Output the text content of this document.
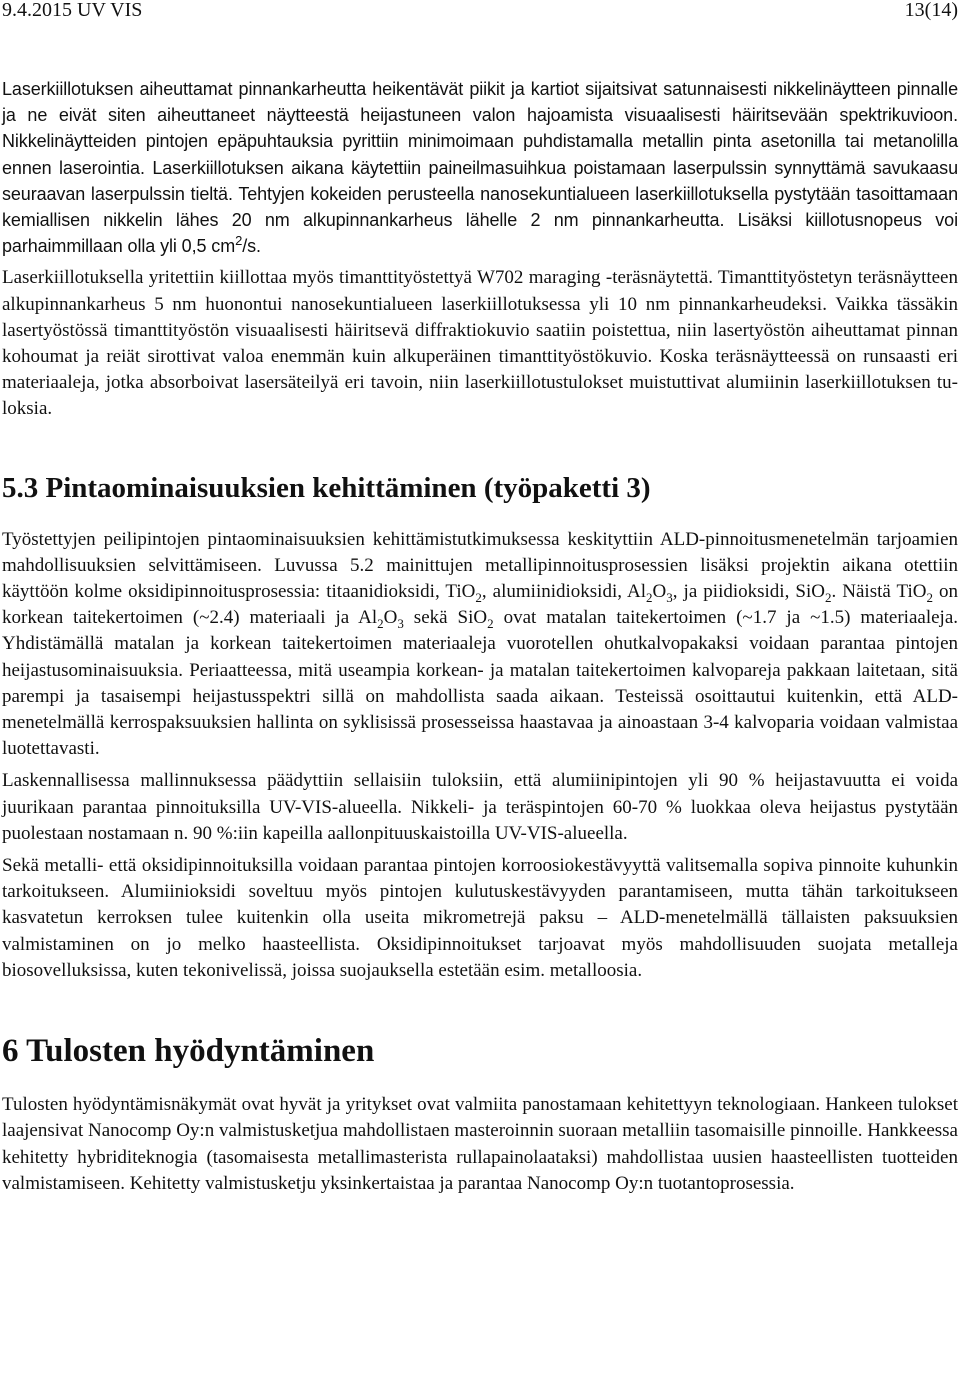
9.4.2015 UV VIS	13(14)

Laserkiillotuksen aiheuttamat pinnankarheutta heikentävät piikit ja kartiot sijaitsivat satunnaisesti nikkelinäytteen pinnalle ja ne eivät siten aiheuttaneet näytteestä heijastuneen valon hajoamista visuaalisesti häiritsevään spektrikuvioon. Nikkelinäytteiden pintojen epäpuhtauksia pyrittiin minimoimaan puhdistamalla metallin pinta asetonilla tai metanolilla ennen laserointia. Laserkiillotuksen aikana käytettiin paineilmasuihkua poistamaan laserpulssin synnyttämä savukaasu seuraavan laserpulssin tieltä. Tehtyjen kokeiden perusteella nanosekuntialueen laserkiillotuksella pystytään tasoittamaan kemiallisen nikkelin lähes 20 nm alkupinnankarheus lähelle 2 nm pinnankarheutta. Lisäksi kiillotusnopeus voi parhaimmillaan olla yli 0,5 $cm^2/s$.

Laserkiillotuksella yritettiin kiillottaa myös timanttityöstettyä W702 maraging -teräsnäytettä. Timanttityöstetyn teräsnäytteen alkupinnankarheus 5 nm huonontui nanosekuntialueen laserkiillotuksessa yli 10 nm pinnankarheudeksi. Vaikka tässäkin lasertyöstössä timanttityöstön visuaalisesti häiritsevä diffraktiokuvio saatiin poistettua, niin lasertyöstön aiheuttamat pinnan kohoumat ja reiät sirottivat valoa enemmän kuin alkuperäinen timanttityöstökuvio. Koska teräsnäytteessä on runsaasti eri materiaaleja, jotka absorboivat lasersäteilyä eri tavoin, niin laserkiillotustulokset muistuttivat alumiinin laserkiillotuksen tuloksia.

5.3 Pintaominaisuuksien kehittäminen (työpaketti 3)

Työstettyjen peilipintojen pintaominaisuuksien kehittämistutkimuksessa keskityttiin ALD-pinnoitusmenetelmän tarjoamien mahdollisuuksien selvittämiseen. Luvussa 5.2 mainittujen metallipinnoitusprosessien lisäksi projektin aikana otettiin käyttöön kolme oksidipinnoitusprosessia: titaanidioksidi, TiO$_2$, alumiinidioksidi, $Al_2O_3$, ja piidioksidi, SiO$_2$. Näistä TiO$_2$ on korkean taitekertoimen (~2.4) materiaali ja $Al_2O_3$ sekä SiO$_2$ ovat matalan taitekertoimen (~1.7 ja ~1.5) materiaaleja. Yhdistämällä matalan ja korkean taitekertoimen materiaaleja vuorotellen ohutkalvopakaksi voidaan parantaa pintojen heijastusominaisuuksia. Periaatteessa, mitä useampia korkean- ja matalan taitekertoimen kalvopareja pakkaan laitetaan, sitä parempi ja tasaisempi heijastusspektri sillä on mahdollista saada aikaan. Testeissä osoittautui kuitenkin, että ALD-menetelmällä kerrospaksuuksien hallinta on syklisissä prosesseissa haastavaa ja ainoastaan 3-4 kalvoparia voidaan valmistaa luotettavasti.

Laskennallisessa mallinnuksessa päädyttiin sellaisiin tuloksiin, että alumiinipintojen yli 90 % heijastavuutta ei voida juurikaan parantaa pinnoituksilla UV-VIS-alueella. Nikkeli- ja teräspintojen 60-70 % luokkaa oleva heijastus pystytään puolestaan nostamaan n. 90 %:iin kapeilla aallonpituuskaistoilla UV-VIS-alueella.

Sekä metalli- että oksidipinnoituksilla voidaan parantaa pintojen korroosiokestävyyttä valitsemalla sopiva pinnoite kuhunkin tarkoitukseen. Alumiinioksidi soveltuu myös pintojen kulutuskestävyyden parantamiseen, mutta tähän tarkoitukseen kasvatetun kerroksen tulee kuitenkin olla useita mikrometrejä paksu – ALD-menetelmällä tällaisten paksuuksien valmistaminen on jo melko haasteellista. Oksidipinnoitukset tarjoavat myös mahdollisuuden suojata metalleja biosovelluksissa, kuten tekonivelissä, joissa suojauksella estetään esim. metalloosia.

6 Tulosten hyödyntäminen

Tulosten hyödyntämisnäkymät ovat hyvät ja yritykset ovat valmiita panostamaan kehitettyyn teknologiaan. Hankeen tulokset laajensivat Nanocomp Oy:n valmistusketjua mahdollistaen masteroinnin suoraan metalliin tasomaisille pinnoille. Hankkeessa kehitetty hybriditeknogia (tasomaisesta metallimasterista rullapainolaataksi) mahdollistaa uusien haasteellisten tuotteiden valmistamiseen. Kehitetty valmistusketju yksinkertaistaa ja parantaa Nanocomp Oy:n tuotantoprosessia.
